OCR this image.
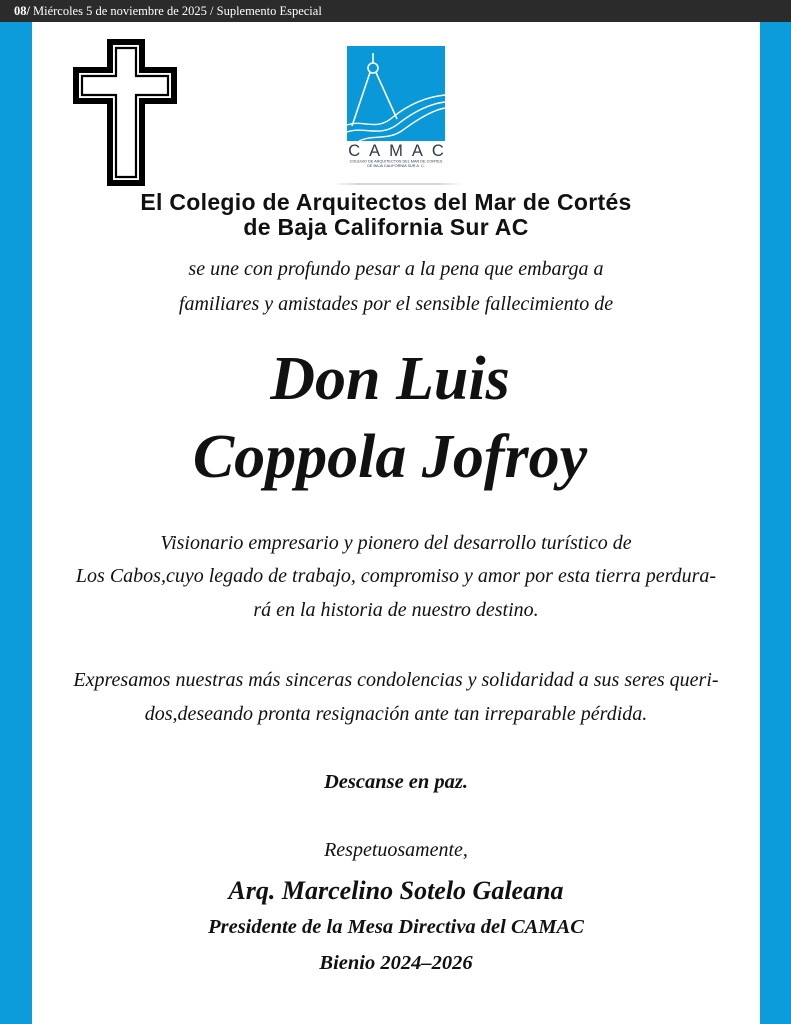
08/ Miércoles 5 de noviembre de 2025 / Suplemento Especial
CAMAC
COLEGIO DE ARQUITECTOS DEL MAR DE CORTES
DE BAJA CALIFORNIA SUR A. C.
El Colegio de Arquitectos del Mar de Cortés
de Baja California Sur AC
se une con profundo pesar a la pena que embarga a
familiares y amistades por el sensible fallecimiento de
Don Luis
Coppola Jofroy
Visionario empresario y pionero del desarrollo turístico de
Los Cabos,cuyo legado de trabajo, compromiso y amor por esta tierra perdura-
rá en la historia de nuestro destino.
Expresamos nuestras más sinceras condolencias y solidaridad a sus seres queri-
dos,deseando pronta resignación ante tan irreparable pérdida.
Descanse en paz.
Respetuosamente,
Arq. Marcelino Sotelo Galeana
Presidente de la Mesa Directiva del CAMAC
Bienio 2024–2026
